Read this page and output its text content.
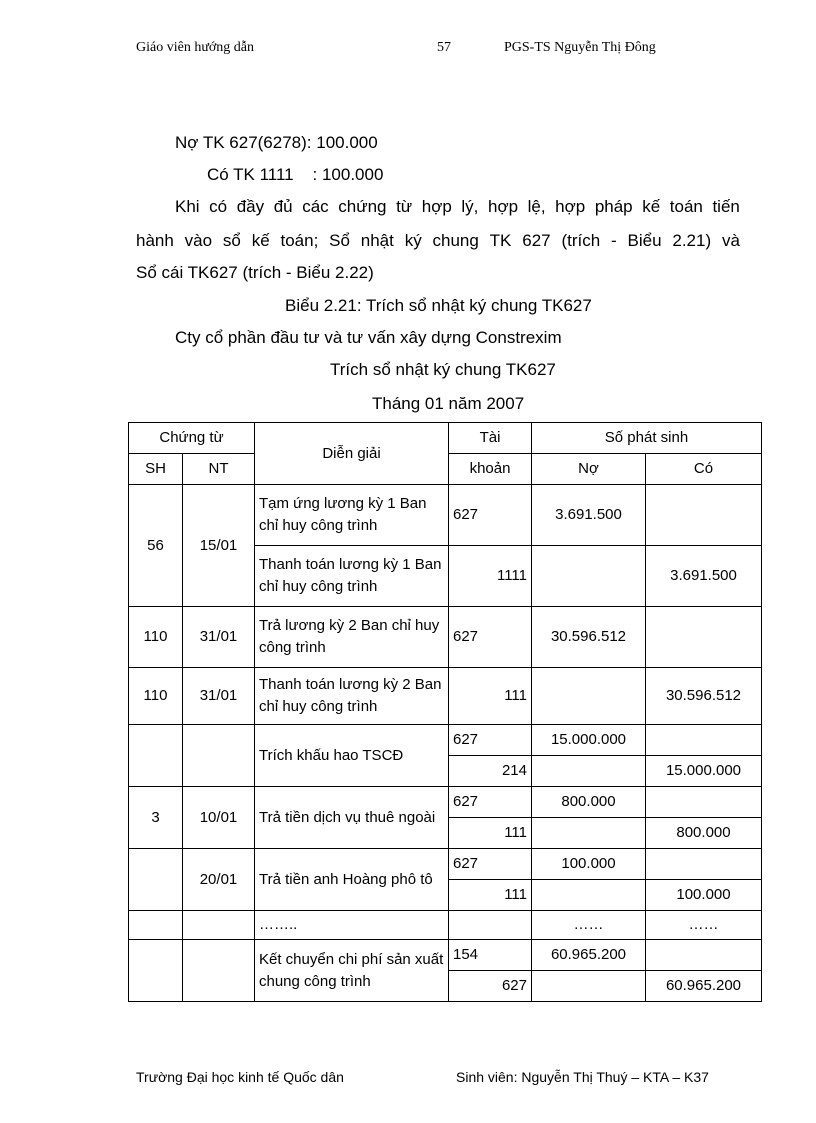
Giáo viên hướng dẫn	57	PGS-TS Nguyễn Thị Đông
Nợ TK 627(6278): 100.000
Có TK 1111    : 100.000
Khi có đầy đủ các chứng từ hợp lý, hợp lệ, hợp pháp kế toán tiến
hành vào sổ kế toán; Sổ nhật ký chung TK 627 (trích - Biểu 2.21) và
Sổ cái TK627 (trích - Biểu 2.22)
Biểu 2.21: Trích sổ nhật ký chung TK627
Cty cổ phần đầu tư và tư vấn xây dựng Constrexim
Trích sổ nhật ký chung TK627
Tháng 01 năm 2007
Chứng từ		Diễn giải	Tài	Số phát sinh	
SH	NT		khoản	Nợ	Có
56	15/01	Tạm ứng lương kỳ 1 Ban chỉ huy công trình	627	3.691.500	
		Thanh toán lương kỳ 1 Ban chỉ huy công trình	1111		3.691.500
110	31/01	Trả lương kỳ 2 Ban chỉ huy công trình	627	30.596.512	
110	31/01	Thanh toán lương kỳ 2 Ban chỉ huy công trình	111		30.596.512
		Trích khấu hao TSCĐ	627	15.000.000	
			214		15.000.000
3	10/01	Trả tiền dịch vụ thuê ngoài	627	800.000	
			111		800.000
	20/01	Trả tiền anh Hoàng phô tô	627	100.000	
			111		100.000
		……..		……	……
		Kết chuyển chi phí sản xuất chung công trình	154	60.965.200	
			627		60.965.200
Trường Đại học kinh tế Quốc dân	Sinh viên: Nguyễn Thị Thuý – KTA – K37
